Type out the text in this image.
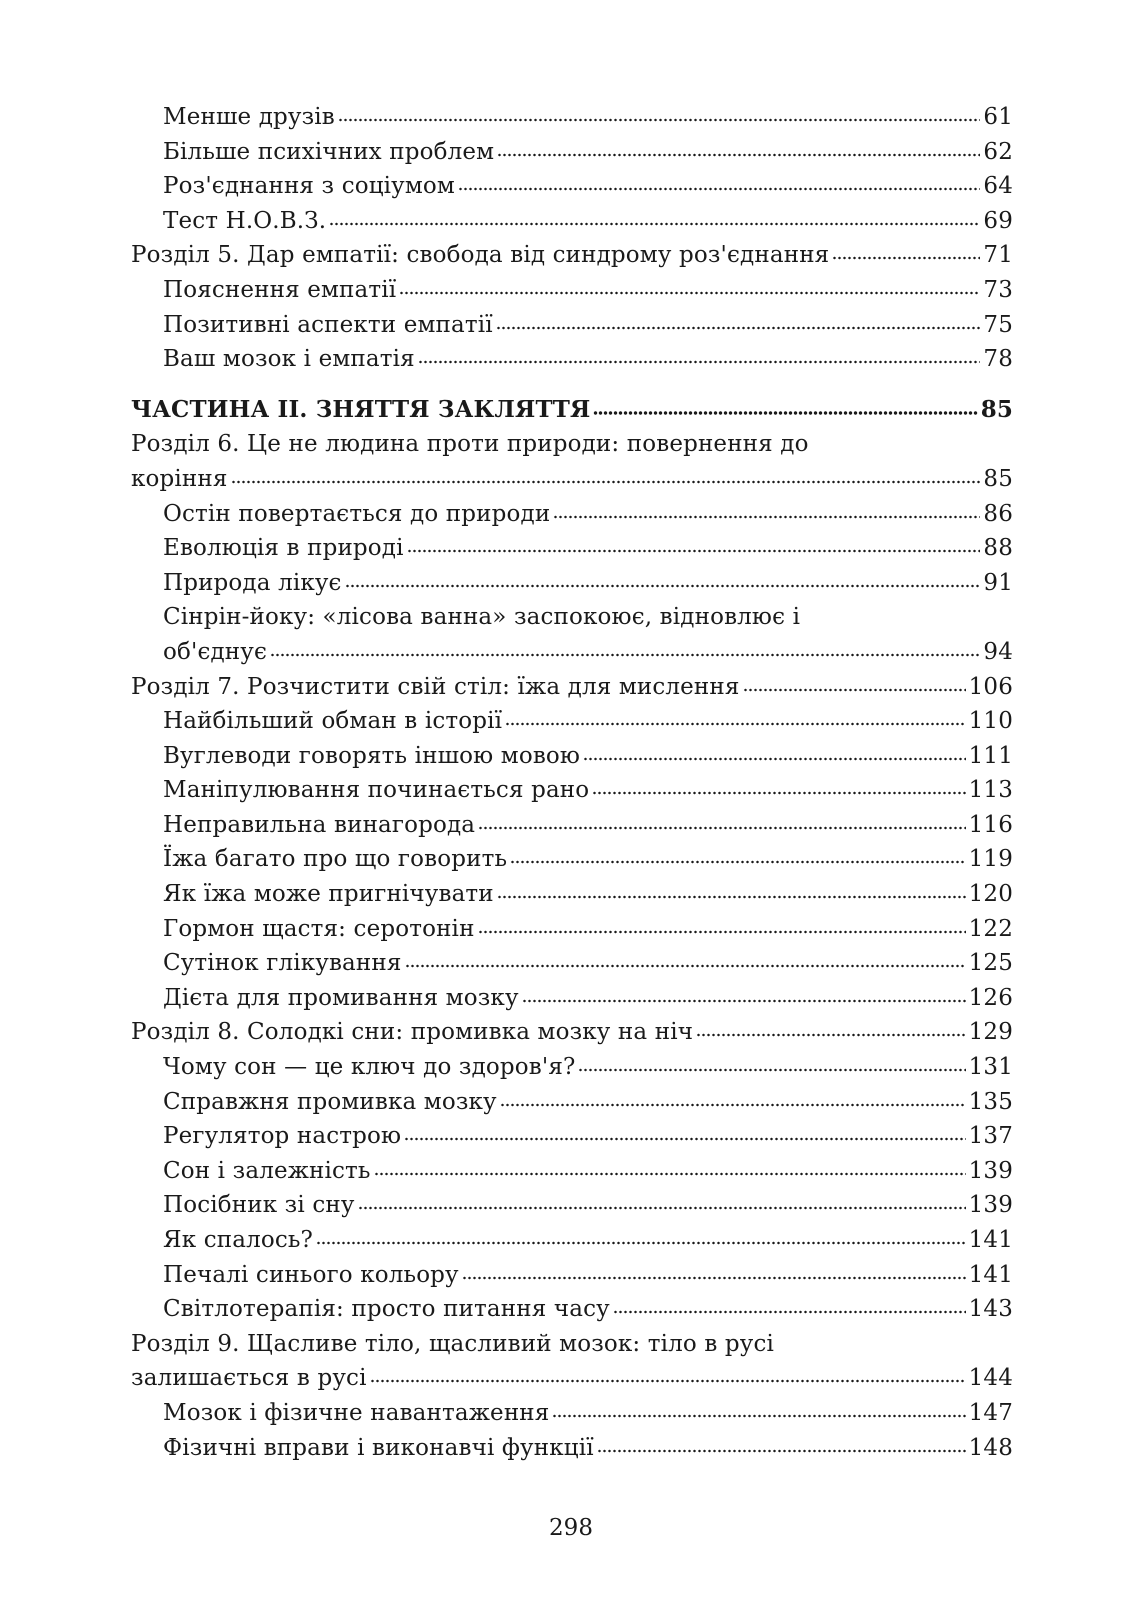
Менше друзів	61
Більше психічних проблем	62
Роз'єднання з соціумом	64
Тест Н.О.В.З.	69
Розділ 5. Дар емпатії: свобода від синдрому роз'єднання	71
Пояснення емпатії	73
Позитивні аспекти емпатії	75
Ваш мозок і емпатія	78
ЧАСТИНА II. ЗНЯТТЯ ЗАКЛЯТТЯ	85
Розділ 6. Це не людина проти природи: повернення до
коріння	85
Остін повертається до природи	86
Еволюція в природі	88
Природа лікує	91
Сінрін-йоку: «лісова ванна» заспокоює, відновлює і
об'єднує	94
Розділ 7. Розчистити свій стіл: їжа для мислення	106
Найбільший обман в історії	110
Вуглеводи говорять іншою мовою	111
Маніпулювання починається рано	113
Неправильна винагорода	116
Їжа багато про що говорить	119
Як їжа може пригнічувати	120
Гормон щастя: серотонін	122
Сутінок глікування	125
Дієта для промивання мозку	126
Розділ 8. Солодкі сни: промивка мозку на ніч	129
Чому сон — це ключ до здоров'я?	131
Справжня промивка мозку	135
Регулятор настрою	137
Сон і залежність	139
Посібник зі сну	139
Як спалось?	141
Печалі синього кольору	141
Світлотерапія: просто питання часу	143
Розділ 9. Щасливе тіло, щасливий мозок: тіло в русі
залишається в русі	144
Мозок і фізичне навантаження	147
Фізичні вправи і виконавчі функції	148
298
